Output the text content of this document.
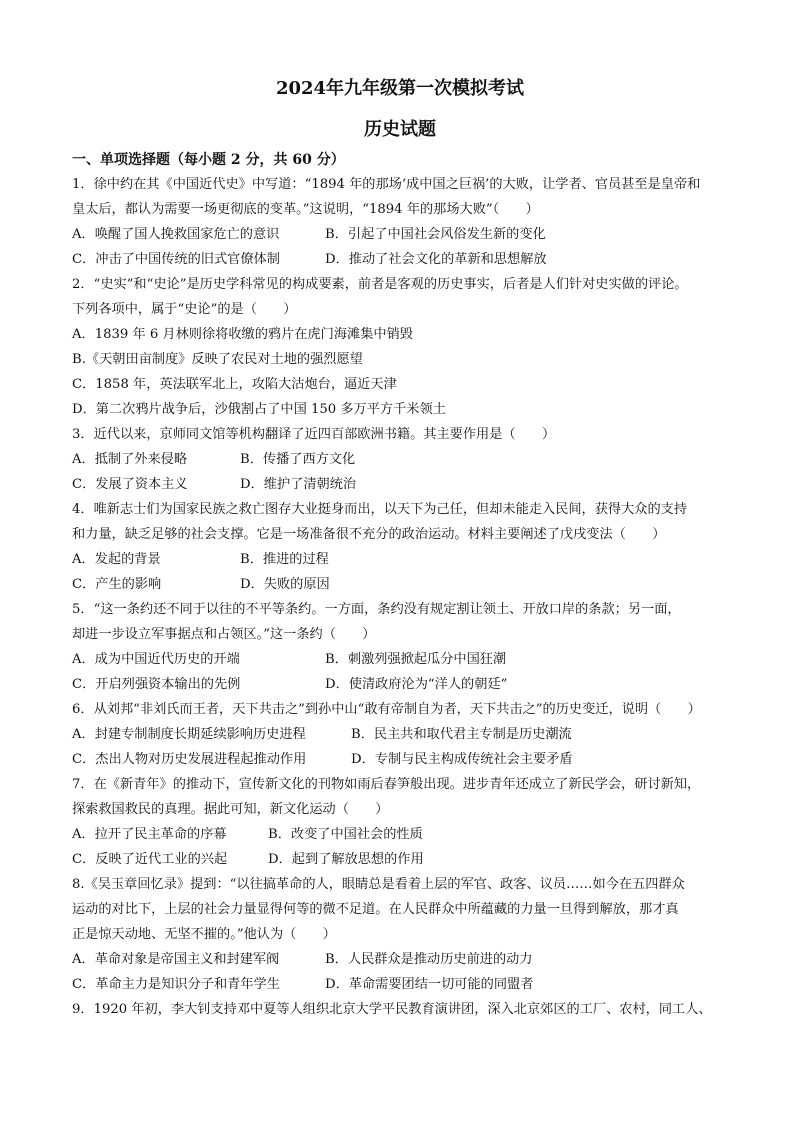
2024年九年级第一次模拟考试
历史试题
一、单项选择题（每小题 2 分，共 60 分）
1．徐中约在其《中国近代史》中写道：“1894 年的那场‘成中国之巨祸’的大败，让学者、官员甚至是皇帝和
皇太后，都认为需要一场更彻底的变革。”这说明，“1894 年的那场大败”（　　）
A．唤醒了国人挽救国家危亡的意识	B．引起了中国社会风俗发生新的变化
C．冲击了中国传统的旧式官僚体制	D．推动了社会文化的革新和思想解放
2．“史实”和“史论”是历史学科常见的构成要素，前者是客观的历史事实，后者是人们针对史实做的评论。
下列各项中，属于“史论”的是（　　）
A．1839 年 6 月林则徐将收缴的鸦片在虎门海滩集中销毁
B.《天朝田亩制度》反映了农民对土地的强烈愿望
C．1858 年，英法联军北上，攻陷大沽炮台，逼近天津
D．第二次鸦片战争后，沙俄割占了中国 150 多万平方千米领土
3．近代以来，京师同文馆等机构翻译了近四百部欧洲书籍。其主要作用是（　　）
A．抵制了外来侵略	B．传播了西方文化
C．发展了资本主义	D．维护了清朝统治
4．唯新志士们为国家民族之救亡图存大业挺身而出，以天下为己任，但却未能走入民间，获得大众的支持
和力量，缺乏足够的社会支撑。它是一场准备很不充分的政治运动。材料主要阐述了戊戌变法（　　）
A．发起的背景	B．推进的过程
C．产生的影响	D．失败的原因
5．“这一条约还不同于以往的不平等条约。一方面，条约没有规定割让领土、开放口岸的条款；另一面，
却进一步设立军事据点和占领区。”这一条约（　　）
A．成为中国近代历史的开端	B．刺激列强掀起瓜分中国狂潮
C．开启列强资本输出的先例	D．使清政府沦为“洋人的朝廷”
6．从刘邦“非刘氏而王者，天下共击之”到孙中山“敢有帝制自为者，天下共击之”的历史变迁，说明（　　）
A．封建专制制度长期延续影响历史进程	B．民主共和取代君主专制是历史潮流
C．杰出人物对历史发展进程起推动作用	D．专制与民主构成传统社会主要矛盾
7．在《新青年》的推动下，宣传新文化的刊物如雨后春笋般出现。进步青年还成立了新民学会，研讨新知，
探索救国救民的真理。据此可知，新文化运动（　　）
A．拉开了民主革命的序幕	B．改变了中国社会的性质
C．反映了近代工业的兴起	D．起到了解放思想的作用
8.《吴玉章回忆录》提到：“以往搞革命的人，眼睛总是看着上层的军官、政客、议员……如今在五四群众
运动的对比下，上层的社会力量显得何等的微不足道。在人民群众中所蕴藏的力量一旦得到解放，那才真
正是惊天动地、无坚不摧的。”他认为（　　）
A．革命对象是帝国主义和封建军阀	B．人民群众是推动历史前进的动力
C．革命主力是知识分子和青年学生	D．革命需要团结一切可能的同盟者
9．1920 年初，李大钊支持邓中夏等人组织北京大学平民教育演讲团，深入北京郊区的工厂、农村，同工人、
